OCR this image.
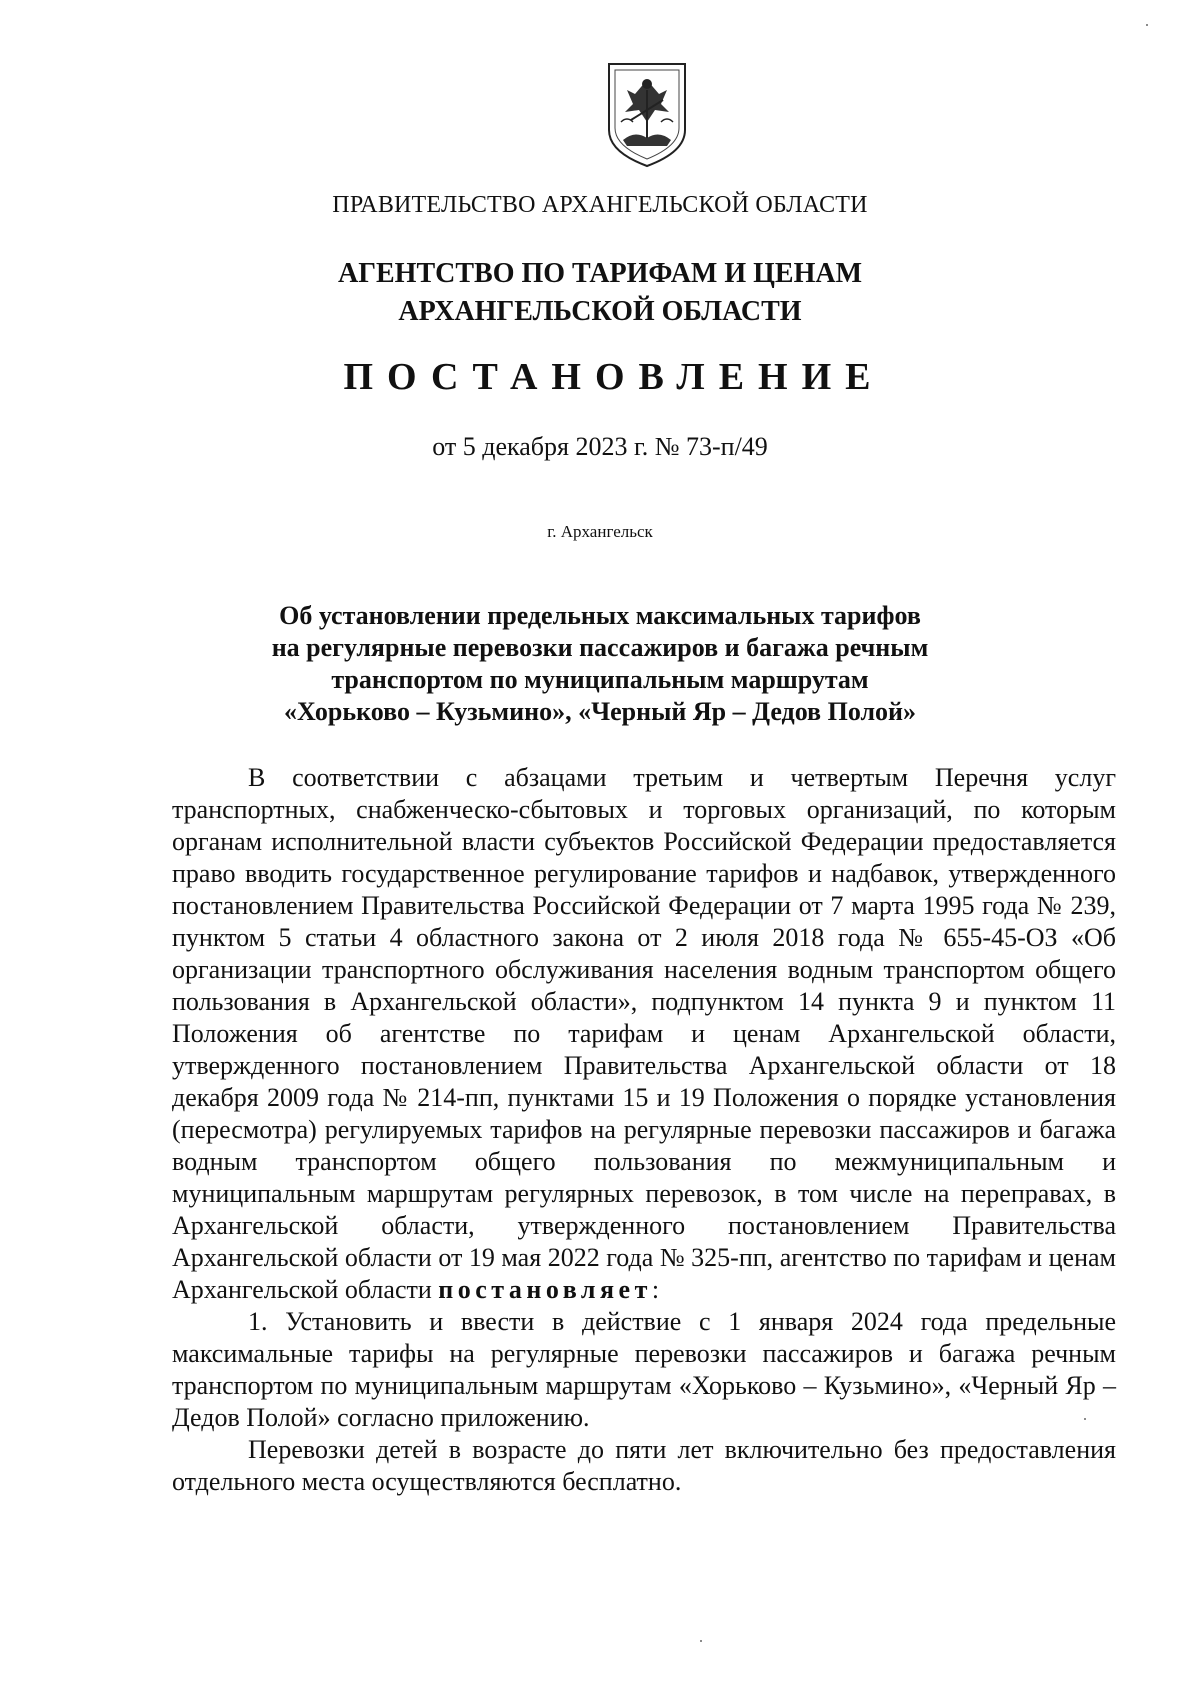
ПРАВИТЕЛЬСТВО АРХАНГЕЛЬСКОЙ ОБЛАСТИ
АГЕНТСТВО ПО ТАРИФАМ И ЦЕНАМ
АРХАНГЕЛЬСКОЙ ОБЛАСТИ
ПОСТАНОВЛЕНИЕ
от 5 декабря 2023 г. № 73-п/49
г. Архангельск
Об установлении предельных максимальных тарифов
на регулярные перевозки пассажиров и багажа речным
транспортом по муниципальным маршрутам
«Хорьково – Кузьмино», «Черный Яр – Дедов Полой»

В соответствии с абзацами третьим и четвертым Перечня услуг транспортных, снабженческо-сбытовых и торговых организаций, по которым органам исполнительной власти субъектов Российской Федерации предоставляется право вводить государственное регулирование тарифов и надбавок, утвержденного постановлением Правительства Российской Федерации от 7 марта 1995 года № 239, пунктом 5 статьи 4 областного закона от 2 июля 2018 года № 655-45-ОЗ «Об организации транспортного обслуживания населения водным транспортом общего пользования в Архангельской области», подпунктом 14 пункта 9 и пунктом 11 Положения об агентстве по тарифам и ценам Архангельской области, утвержденного постановлением Правительства Архангельской области от 18 декабря 2009 года № 214-пп, пунктами 15 и 19 Положения о порядке установления (пересмотра) регулируемых тарифов на регулярные перевозки пассажиров и багажа водным транспортом общего пользования по межмуниципальным и муниципальным маршрутам регулярных перевозок, в том числе на переправах, в Архангельской области, утвержденного постановлением Правительства Архангельской области от 19 мая 2022 года № 325-пп, агентство по тарифам и ценам Архангельской области постановляет:

1. Установить и ввести в действие с 1 января 2024 года предельные максимальные тарифы на регулярные перевозки пассажиров и багажа речным транспортом по муниципальным маршрутам «Хорьково – Кузьмино», «Черный Яр – Дедов Полой» согласно приложению.

Перевозки детей в возрасте до пяти лет включительно без предоставления отдельного места осуществляются бесплатно.
